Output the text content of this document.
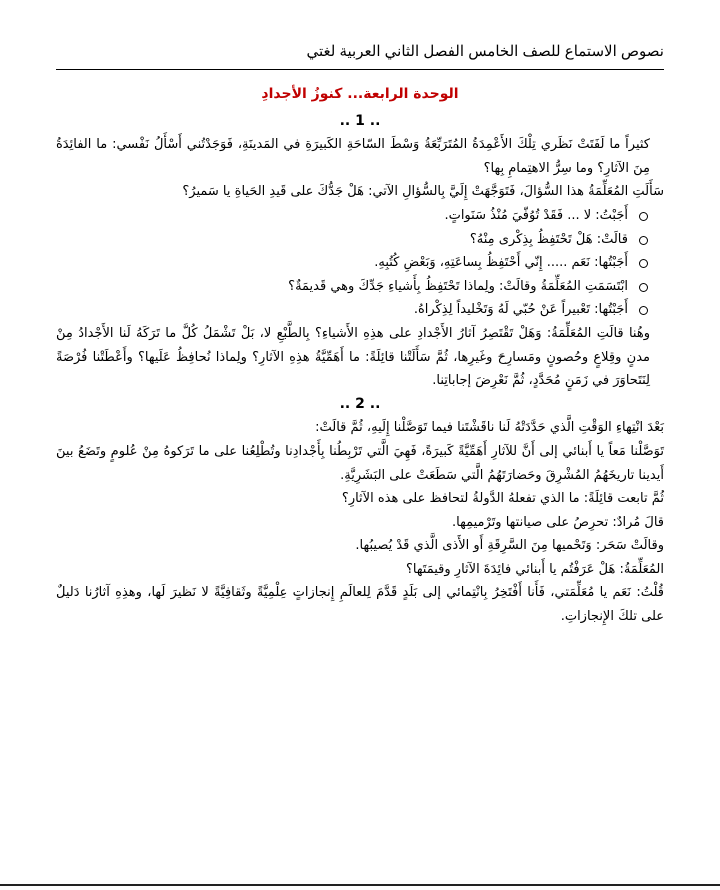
نصوص الاستماع للصف الخامس الفصل الثاني العربية لغتي
الوحدة الرابعة... كنوزُ الأجدادِ
.. 1 ..

كثيراً ما لَفَتَتْ نَظَري تِلْكَ الأَعْمِدَةُ المُتَرَبِّعَةُ وَسْطَ السّاحَةِ الكَبيرَةِ في المَدينَةِ، فَوَجَدْتُني أَسْأَلُ نَفْسي: ما الفائِدَةُ مِنَ الآثارِ؟ وما سِرُّ الاهتِمامِ بِها؟

سَأَلَتِ المُعَلِّمَةُ هذا السُّؤالَ، فَتَوَجَّهَتْ إِلَيَّ بِالسُّؤالِ الآتي: هَلْ جَدُّكَ على قَيدِ الحَياةِ يا سَميرُ؟

أَجَبْتُ: لا ... فَقَدْ تُوُفّيَ مُنْذُ سَنَواتٍ.
قالَتْ: هَلْ تَحْتَفِظُ بِذِكْرى مِنْهُ؟
أَجَبْتُها: نَعَم ..... إِنّي أَحْتَفِظُ بِساعَتِهِ، وَبَعْضِ كُتُبِهِ.
ابْتَسَمَتِ المُعَلِّمَةُ وقالَتْ: ولِماذا تَحْتَفِظُ بِأَشياءِ جَدِّكَ وهي قَديمَةٌ؟
أَجَبْتُها: تَعْبيراً عَنْ حُبّي لَهُ وَتَخْليداً لِذِكْراهُ.

وهُنا قالَتِ المُعَلِّمَةُ: وَهَلْ تَقْتَصِرُ آثارُ الأَجْدادِ على هذِهِ الأَشياءِ؟ بِالطَّبْعِ لا، بَلْ تَشْمَلُ كُلَّ ما تَرَكَهُ لَنا الأَجْدادُ مِنْ مدنٍ وقِلاعٍ وحُصونٍ ومَسارِحَ وغَيرِها، ثُمَّ سَأَلَتْنا قائِلَةً: ما أَهَمِّيَّةُ هذِهِ الآثارِ؟ ولِماذا نُحافِظُ عَلَيها؟ وأَعْطَتْنا فُرْصَةً لِنَتَحاوَرَ في زَمَنٍ مُحَدَّدٍ، ثُمَّ نَعْرِضَ إجاباتِنا.

.. 2 ..

بَعْدَ انْتِهاءِ الوَقْتِ الَّذي حَدَّدَتْهُ لَنا ناقَشْتَنا فيما تَوَصَّلْنا إِلَيهِ، ثُمَّ قالَتْ:

تَوَصَّلْنا مَعاً يا أَبنائي إلى أَنَّ للآثارِ أَهَمِّيَّةً كَبيرَةً، فَهِيَ الَّتي تَرْبِطُنا بِأَجْدادِنا وتُطْلِعُنا على ما تَرَكوهُ مِنْ عُلومٍ وتَضَعُ بينَ أَيدينا تاريخَهُمُ المُشْرِقَ وحَضارَتَهُمُ الَّتي سَطَعَتْ على البَشَرِيَّةِ.

ثُمَّ تابعت قائِلَةً: ما الذي تفعلهُ الدَّولةُ لتحافظ على هذه الآثارِ؟

قالَ مُرادٌ: تحرِصُ على صيانتها وتَرْميمِها.

وقالَتْ سَحَر: وَتَحْميها مِنَ السَّرِقَةِ أَو الأَذى الَّذي قَدْ يُصيبُها.

المُعَلِّمَةُ: هَلْ عَرَفْتُم يا أَبنائي فائِدَةَ الآثارِ وقيمَتَها؟

قُلْتُ: نَعَم يا مُعَلِّمَتي، فَأَنا أَفْتَخِرُ بِانْتِمائي إلى بَلَدٍ قَدَّمَ لِلعالَمِ إِنجازاتٍ عِلْمِيَّةً وثَقافِيَّةً لا نَظيرَ لَها، وهذِهِ آثارُنا دَليلٌ على تلكَ الإِنجازاتِ.
